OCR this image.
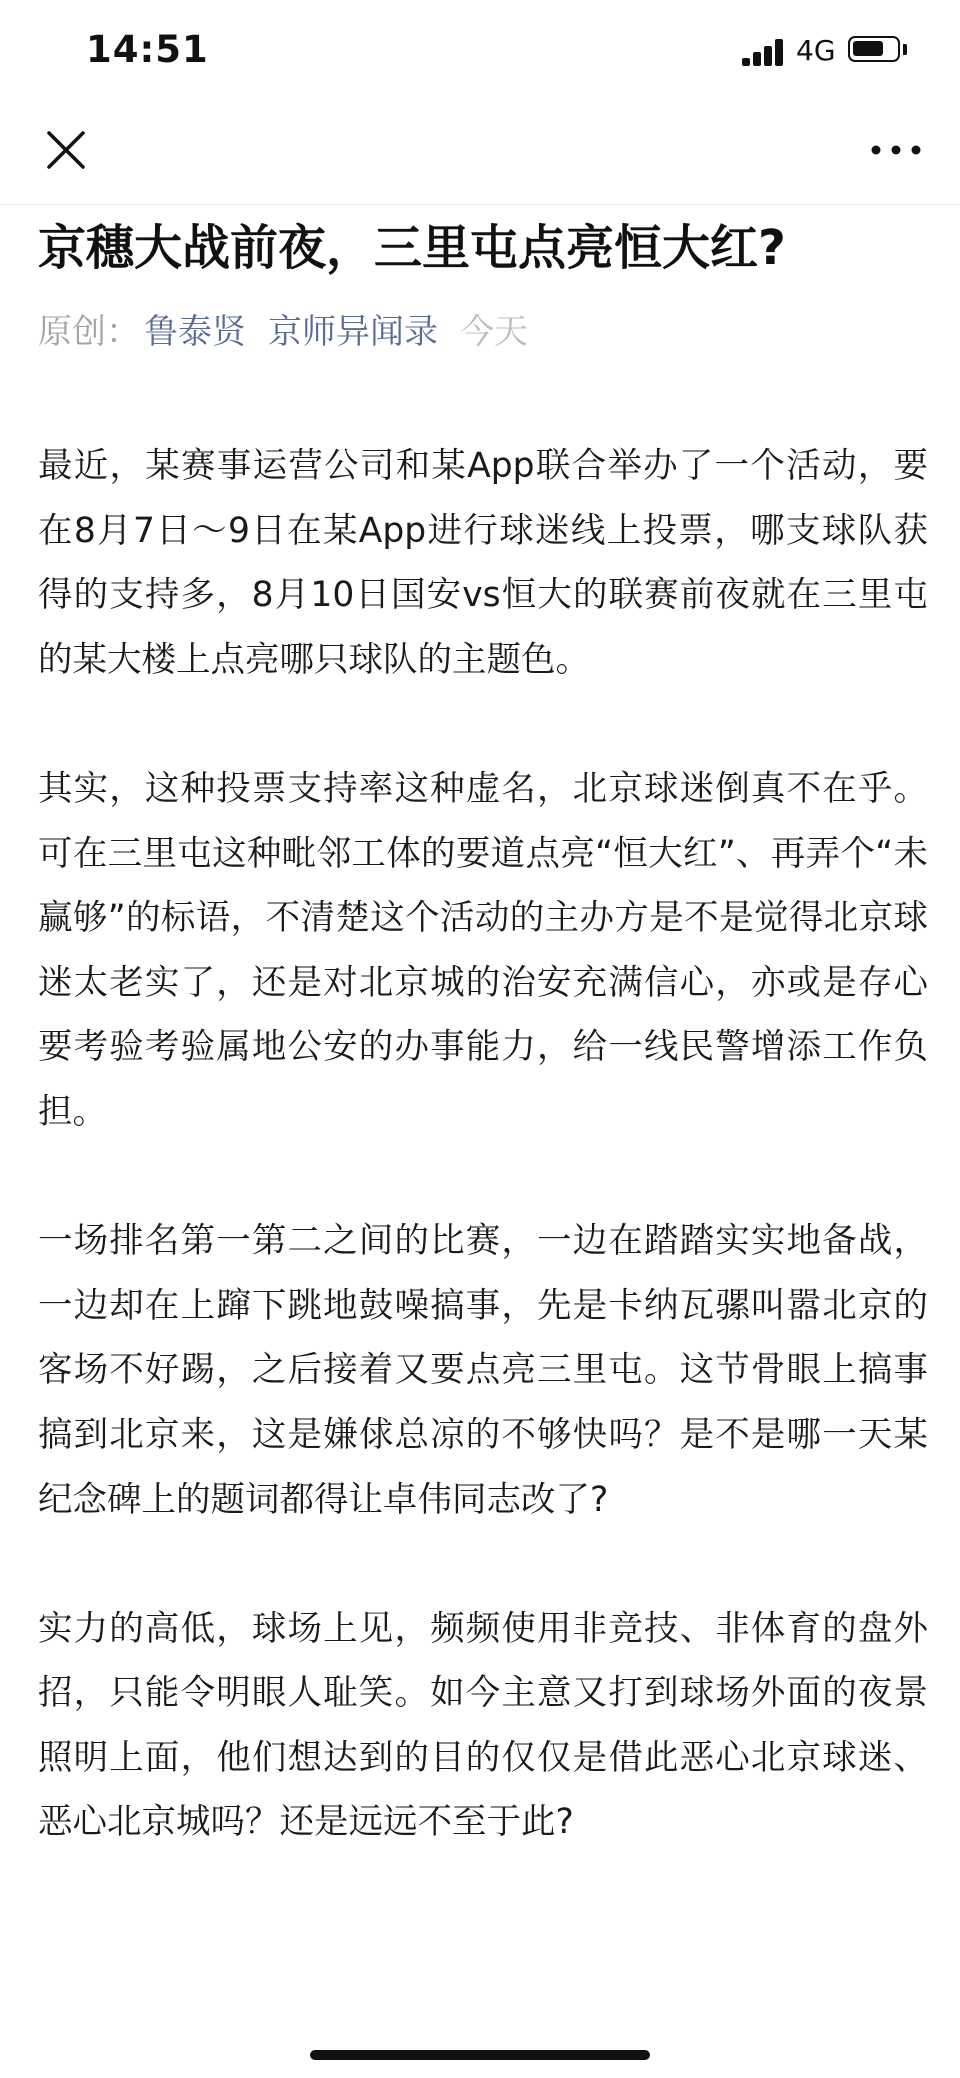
14:51	4G
京穗大战前夜，三里屯点亮恒大红?
原创： 鲁泰贤 京师异闻录 今天

最近，某赛事运营公司和某App联合举办了一个活动，要在8月7日～9日在某App进行球迷线上投票，哪支球队获得的支持多，8月10日国安vs恒大的联赛前夜就在三里屯的某大楼上点亮哪只球队的主题色。

其实，这种投票支持率这种虚名，北京球迷倒真不在乎。可在三里屯这种毗邻工体的要道点亮“恒大红”、再弄个“未赢够”的标语，不清楚这个活动的主办方是不是觉得北京球迷太老实了，还是对北京城的治安充满信心，亦或是存心要考验考验属地公安的办事能力，给一线民警增添工作负担。

一场排名第一第二之间的比赛，一边在踏踏实实地备战，一边却在上蹿下跳地鼓噪搞事，先是卡纳瓦骡叫嚣北京的客场不好踢，之后接着又要点亮三里屯。这节骨眼上搞事搞到北京来，这是嫌俅总凉的不够快吗？是不是哪一天某纪念碑上的题词都得让卓伟同志改了?

实力的高低，球场上见，频频使用非竞技、非体育的盘外招，只能令明眼人耻笑。如今主意又打到球场外面的夜景照明上面，他们想达到的目的仅仅是借此恶心北京球迷、恶心北京城吗？还是远远不至于此?
